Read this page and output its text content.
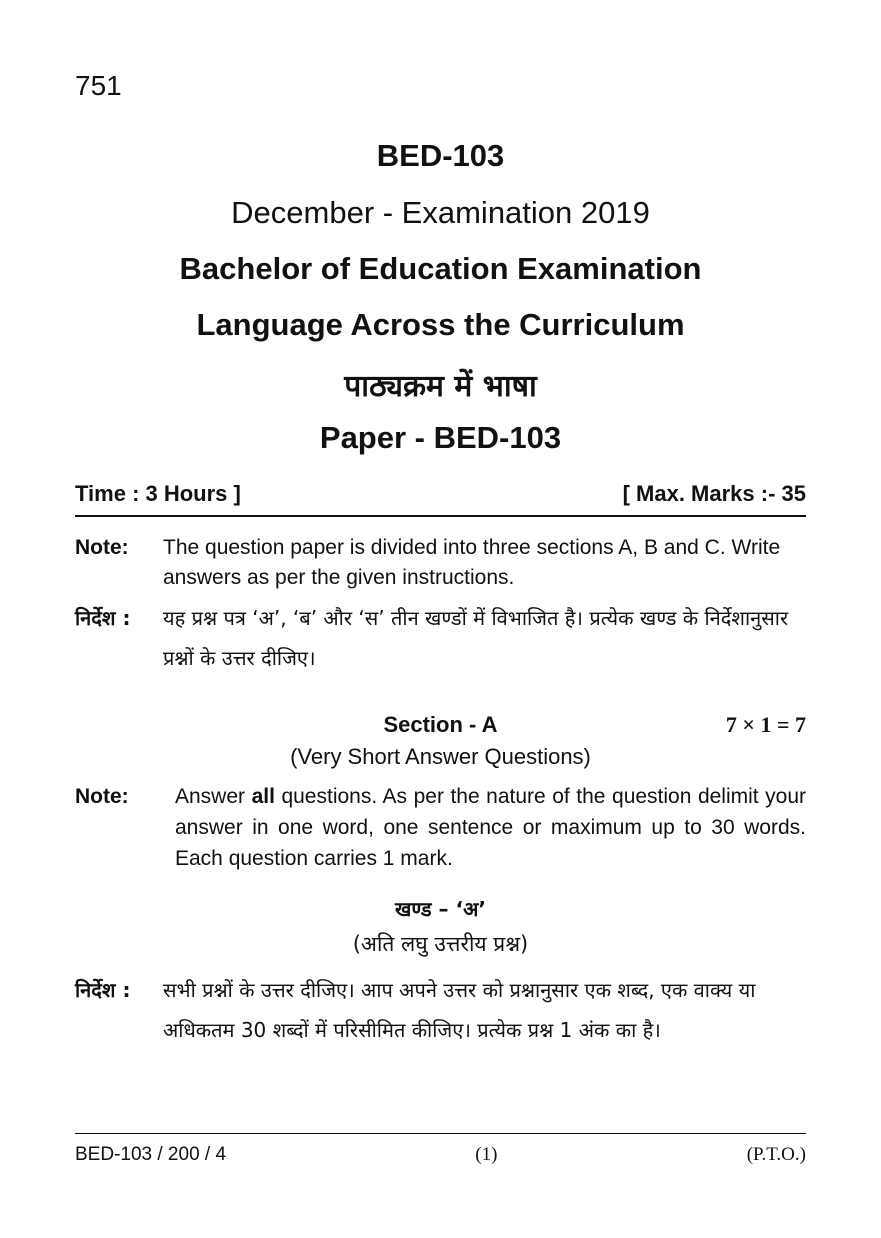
751
BED-103
December - Examination 2019
Bachelor of Education Examination
Language Across the Curriculum
पाठ्यक्रम में भाषा
Paper - BED-103
Time : 3 Hours ]	[ Max. Marks :- 35
Note:	The question paper is divided into three sections A, B and C. Write answers as per the given instructions.
निर्देश :	यह प्रश्न पत्र ‘अ’, ‘ब’ और ‘स’ तीन खण्डों में विभाजित है। प्रत्येक खण्ड के निर्देशानुसार प्रश्नों के उत्तर दीजिए।
Section - A	7 × 1 = 7
(Very Short Answer Questions)
Note:	Answer all questions. As per the nature of the question delimit your answer in one word, one sentence or maximum up to 30 words. Each question carries 1 mark.
खण्ड – ‘अ’
(अति लघु उत्तरीय प्रश्न)
निर्देश :	सभी प्रश्नों के उत्तर दीजिए। आप अपने उत्तर को प्रश्नानुसार एक शब्द, एक वाक्य या अधिकतम 30 शब्दों में परिसीमित कीजिए। प्रत्येक प्रश्न 1 अंक का है।
BED-103 / 200 / 4	(1)	(P.T.O.)
